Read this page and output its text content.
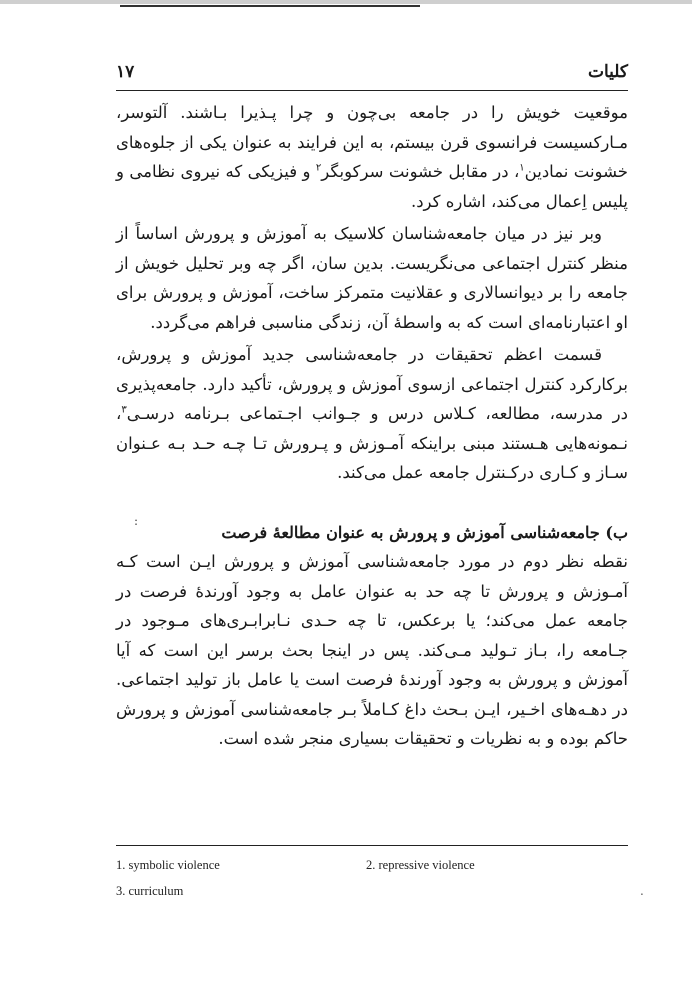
کلیات
۱۷

موقعیت خویش را در جامعه بی‌چون و چرا پـذیرا بـاشند. آلتوسر، مـارکسیست فرانسوی قرن بیستم، به این فرایند به عنوان یکی از جلوه‌های خشونت نمادین$^۱$، در مقابل خشونت سرکوبگر$^۲$ و فیزیکی که نیروی نظامی و پلیس اِعمال می‌کند، اشاره کرد.

وبر نیز در میان جامعه‌شناسان کلاسیک به آموزش و پرورش اساساً از منظر کنترل اجتماعی می‌نگریست. بدین سان، اگر چه وبر تحلیل خویش از جامعه را بر دیوانسالاری و عقلانیت متمرکز ساخت، آموزش و پرورش برای او اعتبارنامه‌ای است که به واسطهٔ آن، زندگی مناسبی فراهم می‌گردد.

قسمت اعظم تحقیقات در جامعه‌شناسی جدید آموزش و پرورش، برکارکرد کنترل اجتماعی ازسوی آموزش و پرورش، تأکید دارد. جامعه‌پذیری در مدرسه، مطالعه، کـلاس درس و جـوانب اجـتماعی بـرنامه درسـی$^۳$، نـمونه‌هایی هـستند مبنی براینکه آمـوزش و پـرورش تـا چـه حـد بـه عـنوان سـاز و کـاری درکـنترل جامعه عمل می‌کند.

ب) جامعه‌شناسی آموزش و پرورش به عنوان مطالعهٔ فرصت

نقطه نظر دوم در مورد جامعه‌شناسی آموزش و پرورش ایـن است کـه آمـوزش و پرورش تا چه حد به عنوان عامل به وجود آورندهٔ فرصت در جامعه عمل می‌کند؛ یا برعکس، تا چه حـدی نـابرابـری‌های مـوجود در جـامعه را، بـاز تـولید مـی‌کند. پس در اینجا بحث برسر این است که آیا آموزش و پرورش به وجود آورندهٔ فرصت است یا عامل باز تولید اجتماعی. در دهـه‌های اخـیر، ایـن بـحث داغ کـاملاً بـر جامعه‌شناسی آموزش و پرورش حاکم بوده و به نظریات و تحقیقات بسیاری منجر شده است.

:
1. symbolic violence	2. repressive violence
3. curriculum	.
